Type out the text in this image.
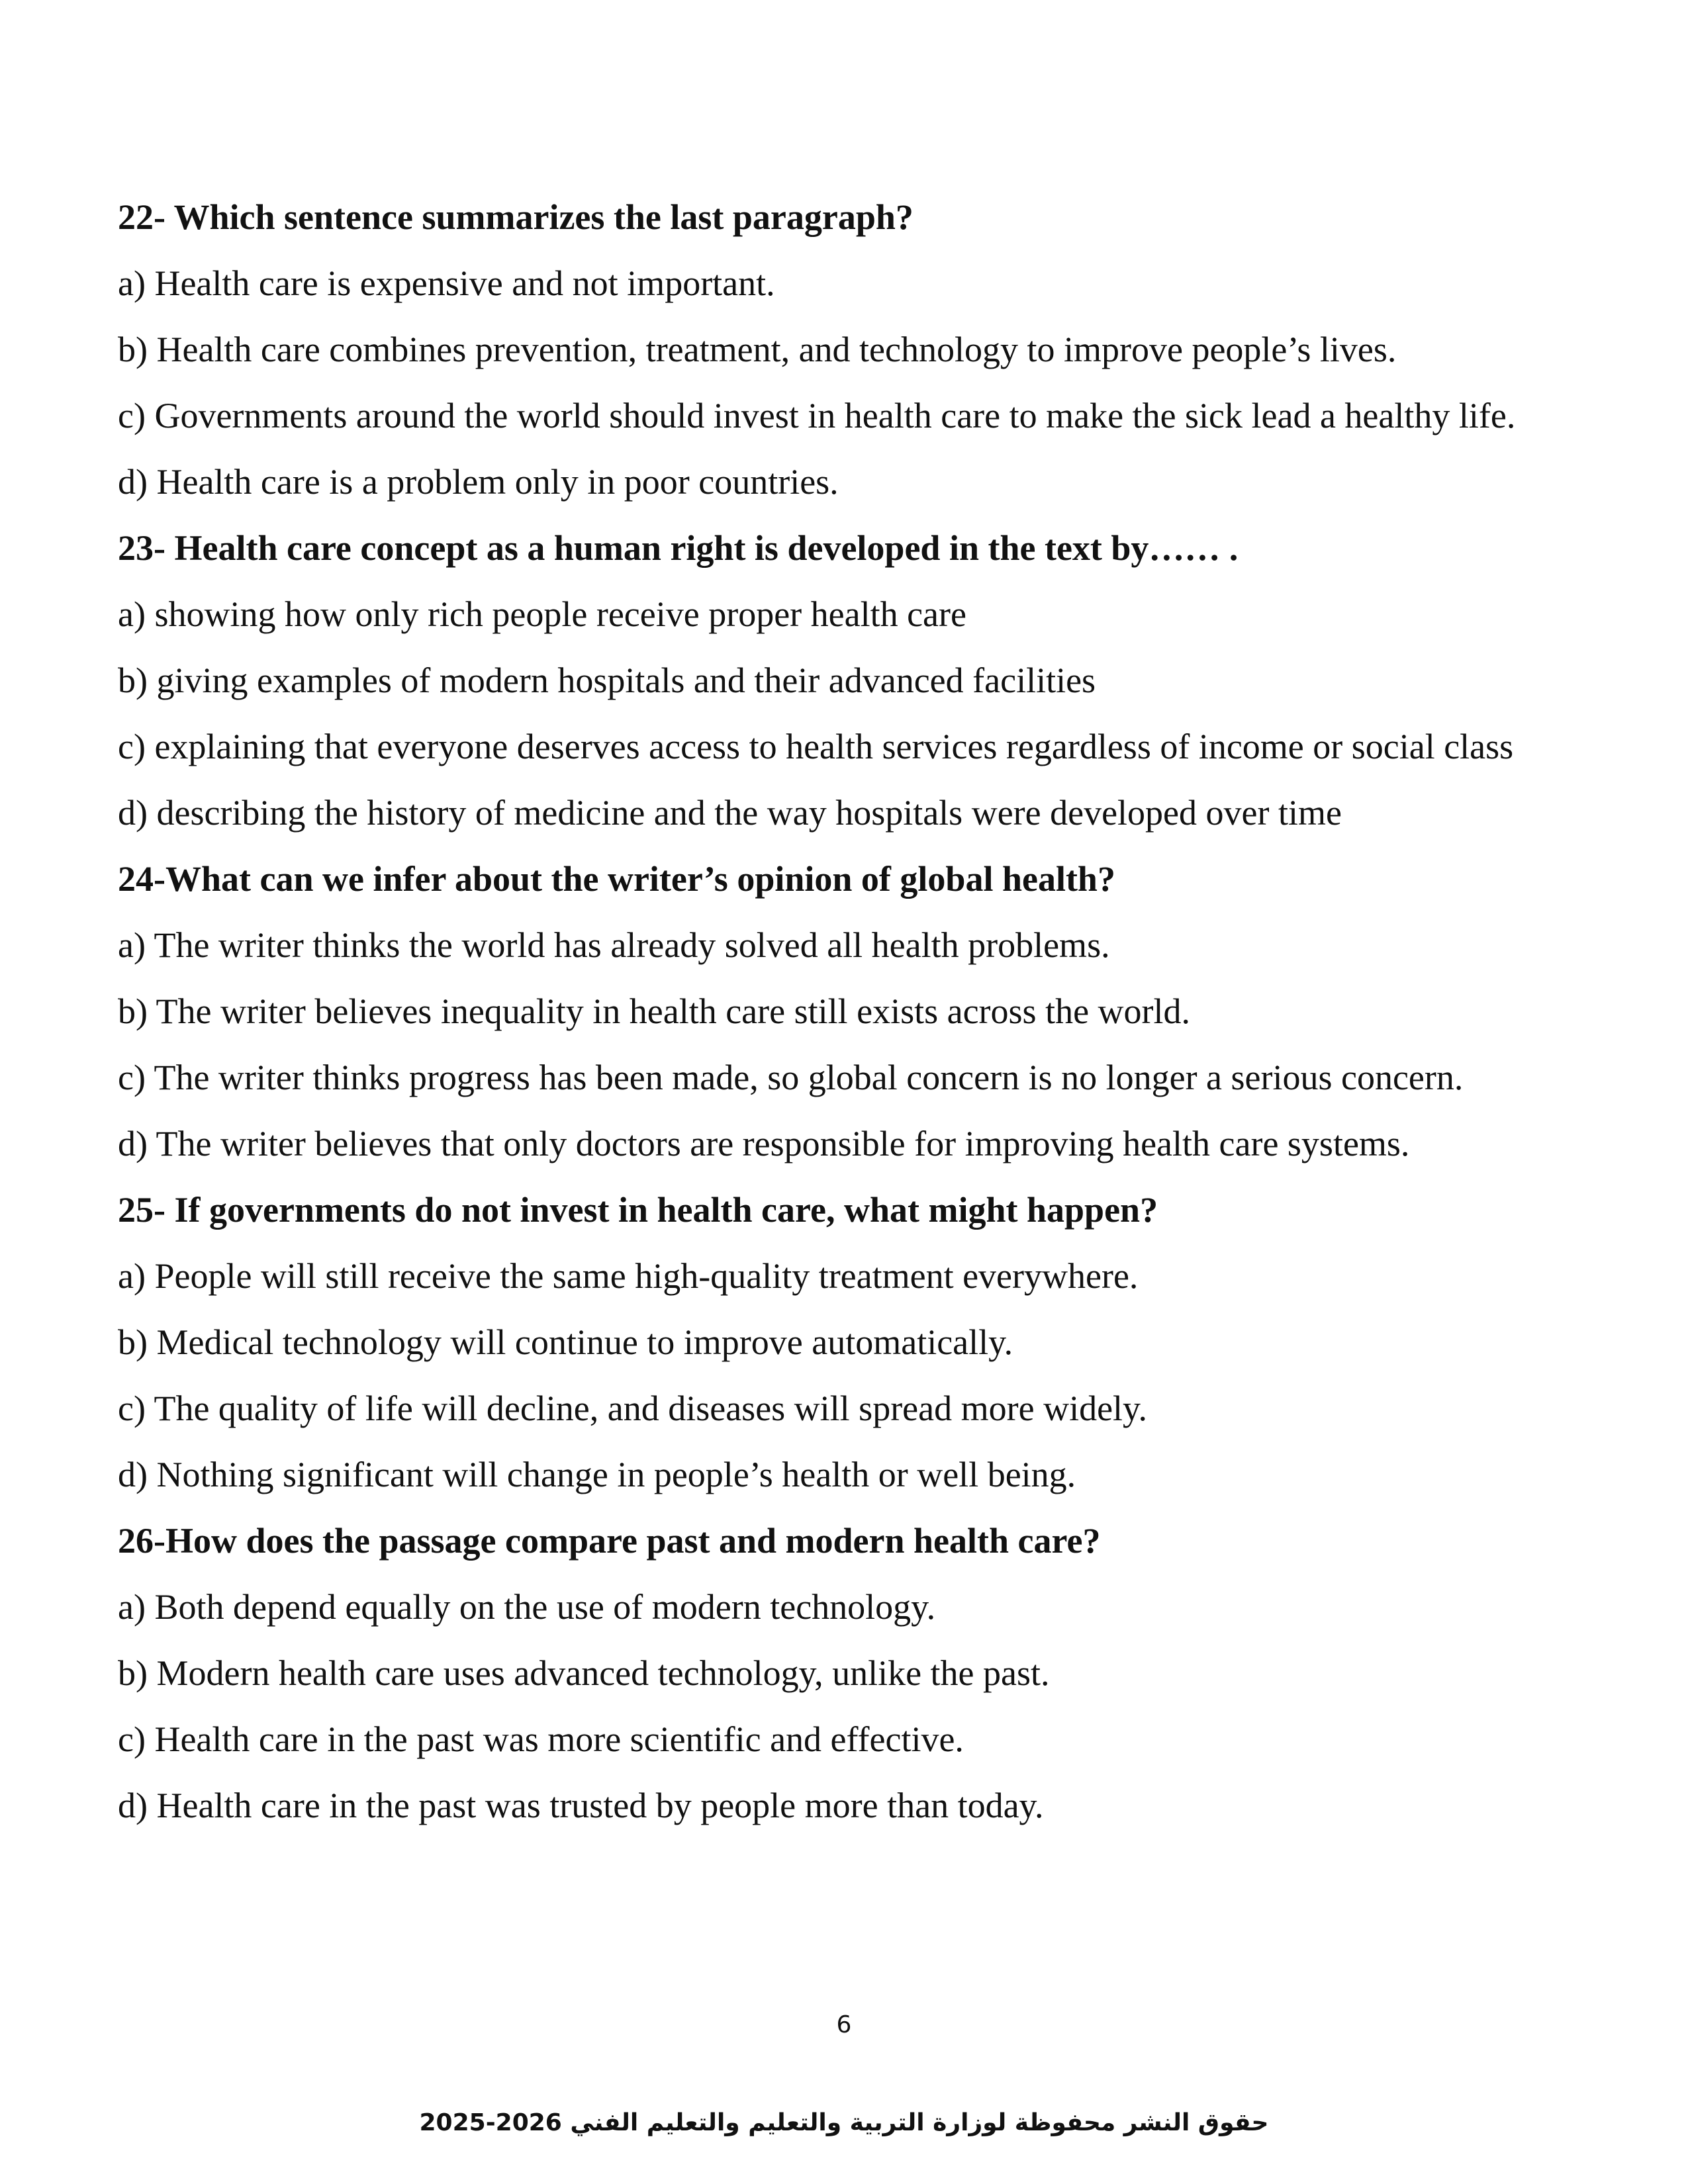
22- Which sentence summarizes the last paragraph?

a) Health care is expensive and not important.

b) Health care combines prevention, treatment, and technology to improve people’s lives.

c) Governments around the world should invest in health care to make the sick lead a healthy life.

d) Health care is a problem only in poor countries.

23- Health care concept as a human right is developed in the text by…… .

a) showing how only rich people receive proper health care

b) giving examples of modern hospitals and their advanced facilities

c) explaining that everyone deserves access to health services regardless of income or social class

d) describing the history of medicine and the way hospitals were developed over time

24-What can we infer about the writer’s opinion of global health?

a) The writer thinks the world has already solved all health problems.

b) The writer believes inequality in health care still exists across the world.

c) The writer thinks progress has been made, so global concern is no longer a serious concern.

d) The writer believes that only doctors are responsible for improving health care systems.

25- If governments do not invest in health care, what might happen?

a) People will still receive the same high-quality treatment everywhere.

b) Medical technology will continue to improve automatically.

c) The quality of life will decline, and diseases will spread more widely.

d) Nothing significant will change in people’s health or well being.

26-How does the passage compare past and modern health care?

a) Both depend equally on the use of modern technology.

b) Modern health care uses advanced technology, unlike the past.

c) Health care in the past was more scientific and effective.

d) Health care in the past was trusted by people more than today.

6
حقوق النشر محفوظة لوزارة التربية والتعليم والتعليم الفني 2026-2025
